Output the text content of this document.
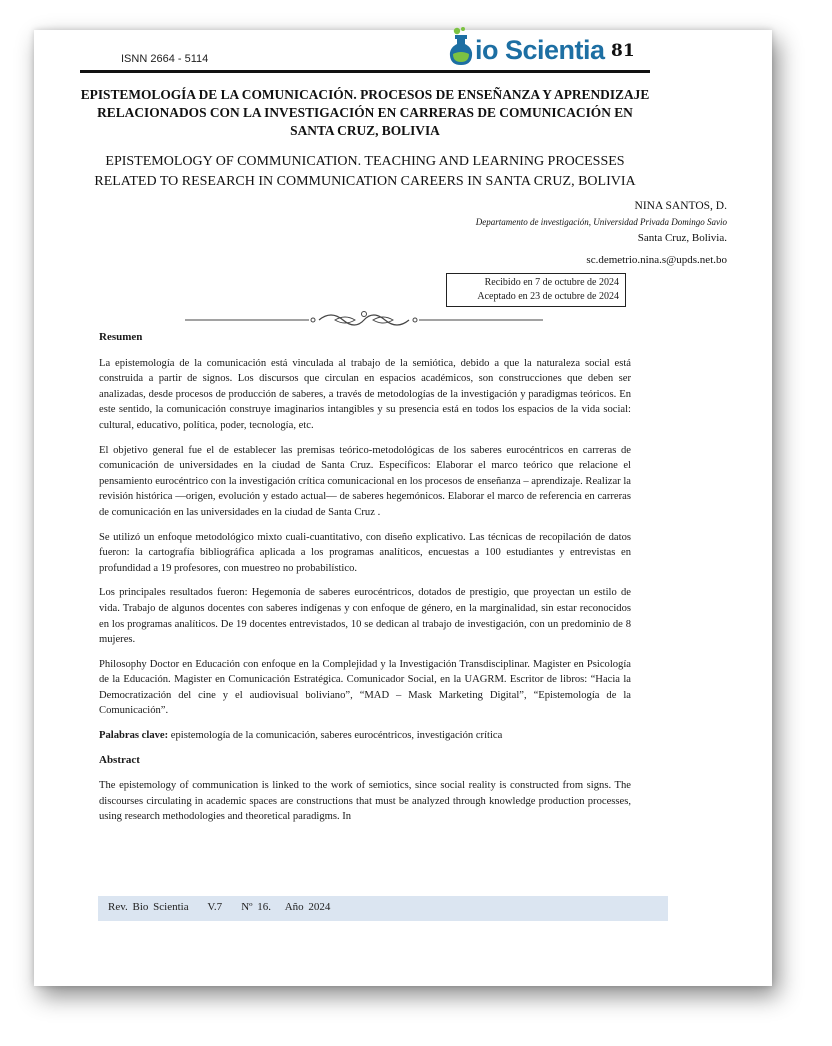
ISNN 2664 - 5114	io Scientia 81
EPISTEMOLOGÍA DE LA COMUNICACIÓN. PROCESOS DE ENSEÑANZA Y APRENDIZAJE RELACIONADOS CON LA INVESTIGACIÓN EN CARRERAS DE COMUNICACIÓN EN SANTA CRUZ, BOLIVIA
EPISTEMOLOGY OF COMMUNICATION. TEACHING AND LEARNING PROCESSES RELATED TO RESEARCH IN COMMUNICATION CAREERS IN SANTA CRUZ, BOLIVIA
NINA SANTOS, D.
Departamento de investigación, Universidad Privada Domingo Savio
Santa Cruz, Bolivia.
sc.demetrio.nina.s@upds.net.bo
Recibido en 7 de octubre de 2024
Aceptado en 23 de octubre de 2024
Resumen

La epistemología de la comunicación está vinculada al trabajo de la semiótica, debido a que la naturaleza social está construida a partir de signos. Los discursos que circulan en espacios académicos, son construcciones que deben ser analizadas, desde procesos de producción de saberes, a través de metodologías de la investigación y paradigmas teóricos. En este sentido, la comunicación construye imaginarios intangibles y su presencia está en todos los espacios de la vida social: cultural, educativo, política, poder, tecnología, etc.

El objetivo general fue el de establecer las premisas teórico-metodológicas de los saberes eurocéntricos en carreras de comunicación de universidades en la ciudad de Santa Cruz. Específicos: Elaborar el marco teórico que relacione el pensamiento eurocéntrico con la investigación crítica comunicacional en los procesos de enseñanza – aprendizaje. Realizar la revisión histórica —origen, evolución y estado actual— de saberes hegemónicos. Elaborar el marco de referencia en carreras de comunicación en las universidades en la ciudad de Santa Cruz .

Se utilizó un enfoque metodológico mixto cuali-cuantitativo, con diseño explicativo. Las técnicas de recopilación de datos fueron: la cartografía bibliográfica aplicada a los programas analíticos, encuestas a 100 estudiantes y entrevistas en profundidad a 19 profesores, con muestreo no probabilístico.

Los principales resultados fueron: Hegemonía de saberes eurocéntricos, dotados de prestigio, que proyectan un estilo de vida. Trabajo de algunos docentes con saberes indígenas y con enfoque de género, en la marginalidad, sin estar reconocidos en los programas analíticos. De 19 docentes entrevistados, 10 se dedican al trabajo de investigación, con un predominio de 8 mujeres.

Philosophy Doctor en Educación con enfoque en la Complejidad y la Investigación Transdisciplinar. Magister en Psicología de la Educación. Magister en Comunicación Estratégica. Comunicador Social, en la UAGRM. Escritor de libros: “Hacia la Democratización del cine y el audiovisual boliviano”, “MAD – Mask Marketing Digital”, “Epistemología de la Comunicación”.

Palabras clave: epistemología de la comunicación, saberes eurocéntricos, investigación crítica

Abstract

The epistemology of communication is linked to the work of semiotics, since social reality is constructed from signs. The discourses circulating in academic spaces are constructions that must be analyzed through knowledge production processes, using research methodologies and theoretical paradigms. In

Rev. Bio Scientia V.7 Nº 16. Año 2024
